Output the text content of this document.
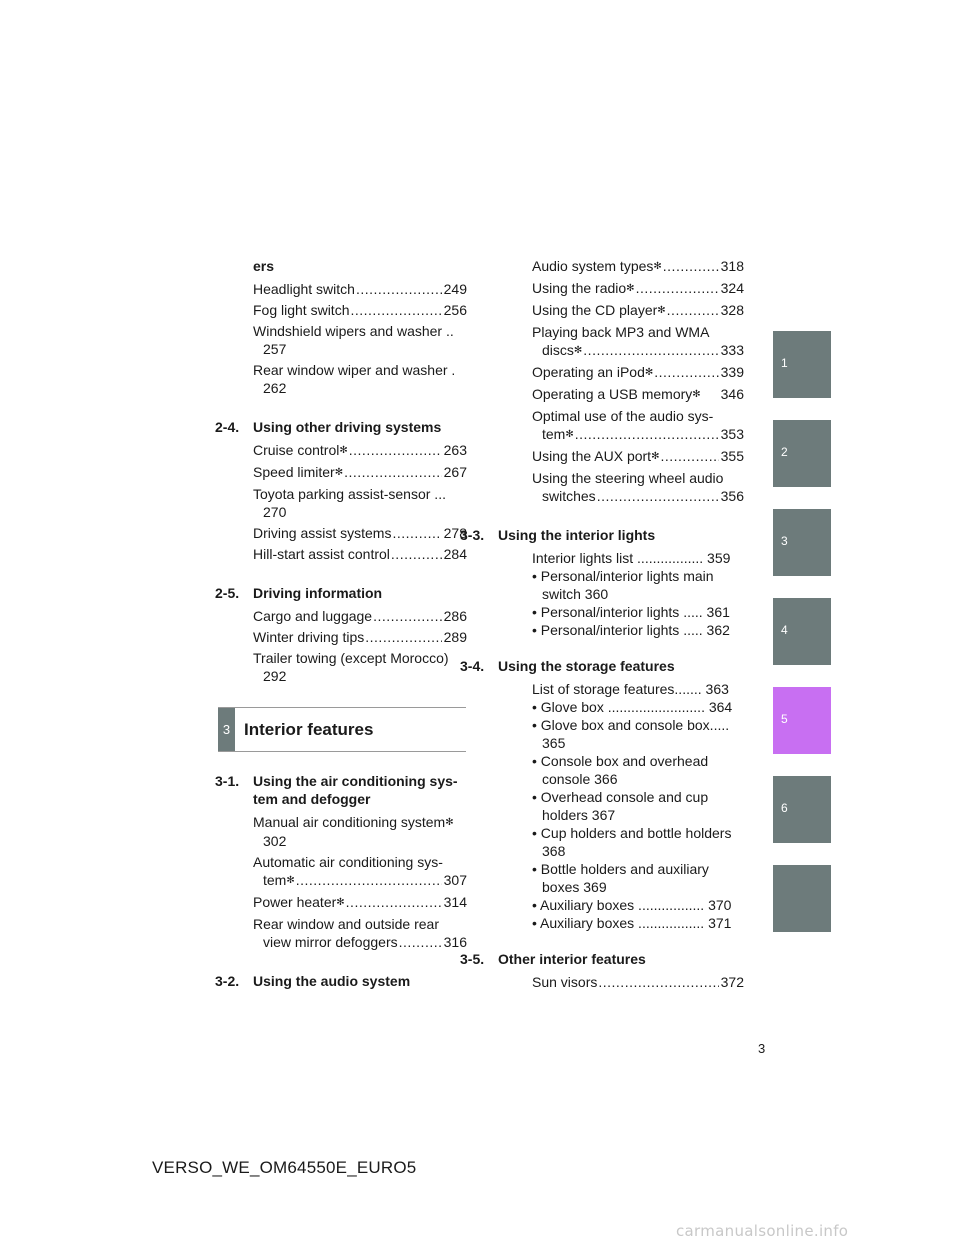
ers
Headlight switch .....	249
Fog light switch .....	256
Windshield wipers and washer ..
257
Rear window wiper and washer .
262
2-4. Using other driving systems
Cruise control✻ .....	263
Speed limiter✻ .....	267
Toyota parking assist-sensor ...
270
Driving assist systems .....	278
Hill-start assist control .....	284
2-5. Driving information
Cargo and luggage .....	286
Winter driving tips .....	289
Trailer towing (except Morocco)
292
3 Interior features
3-1. Using the air conditioning sys- tem and defogger
Manual air conditioning system✻
302
Automatic air conditioning sys-
tem✻ .....	307
Power heater✻ .....	314
Rear window and outside rear
view mirror defoggers .....	316
3-2. Using the audio system
Audio system types✻ .....	318
Using the radio✻ .....	324
Using the CD player✻ .....	328
Playing back MP3 and WMA
discs✻ .....	333
Operating an iPod✻ .....	339
Operating a USB memory✻ 346
Optimal use of the audio sys-
tem✻ .....	353
Using the AUX port✻ .....	355
Using the steering wheel audio
switches .....	356
3-3. Using the interior lights
Interior lights list ................. 359
• Personal/interior lights main
switch 360
• Personal/interior lights ..... 361
• Personal/interior lights ..... 362
3-4. Using the storage features
List of storage features....... 363
• Glove box ......................... 364
• Glove box and console box.....
365
• Console box and overhead
console 366
• Overhead console and cup
holders 367
• Cup holders and bottle holders
368
• Bottle holders and auxiliary
boxes 369
• Auxiliary boxes ................. 370
• Auxiliary boxes ................. 371
3-5. Other interior features
Sun visors .....	372
1
2
3
4
5
6
3
VERSO_WE_OM64550E_EURO5
carmanualsonline.info
